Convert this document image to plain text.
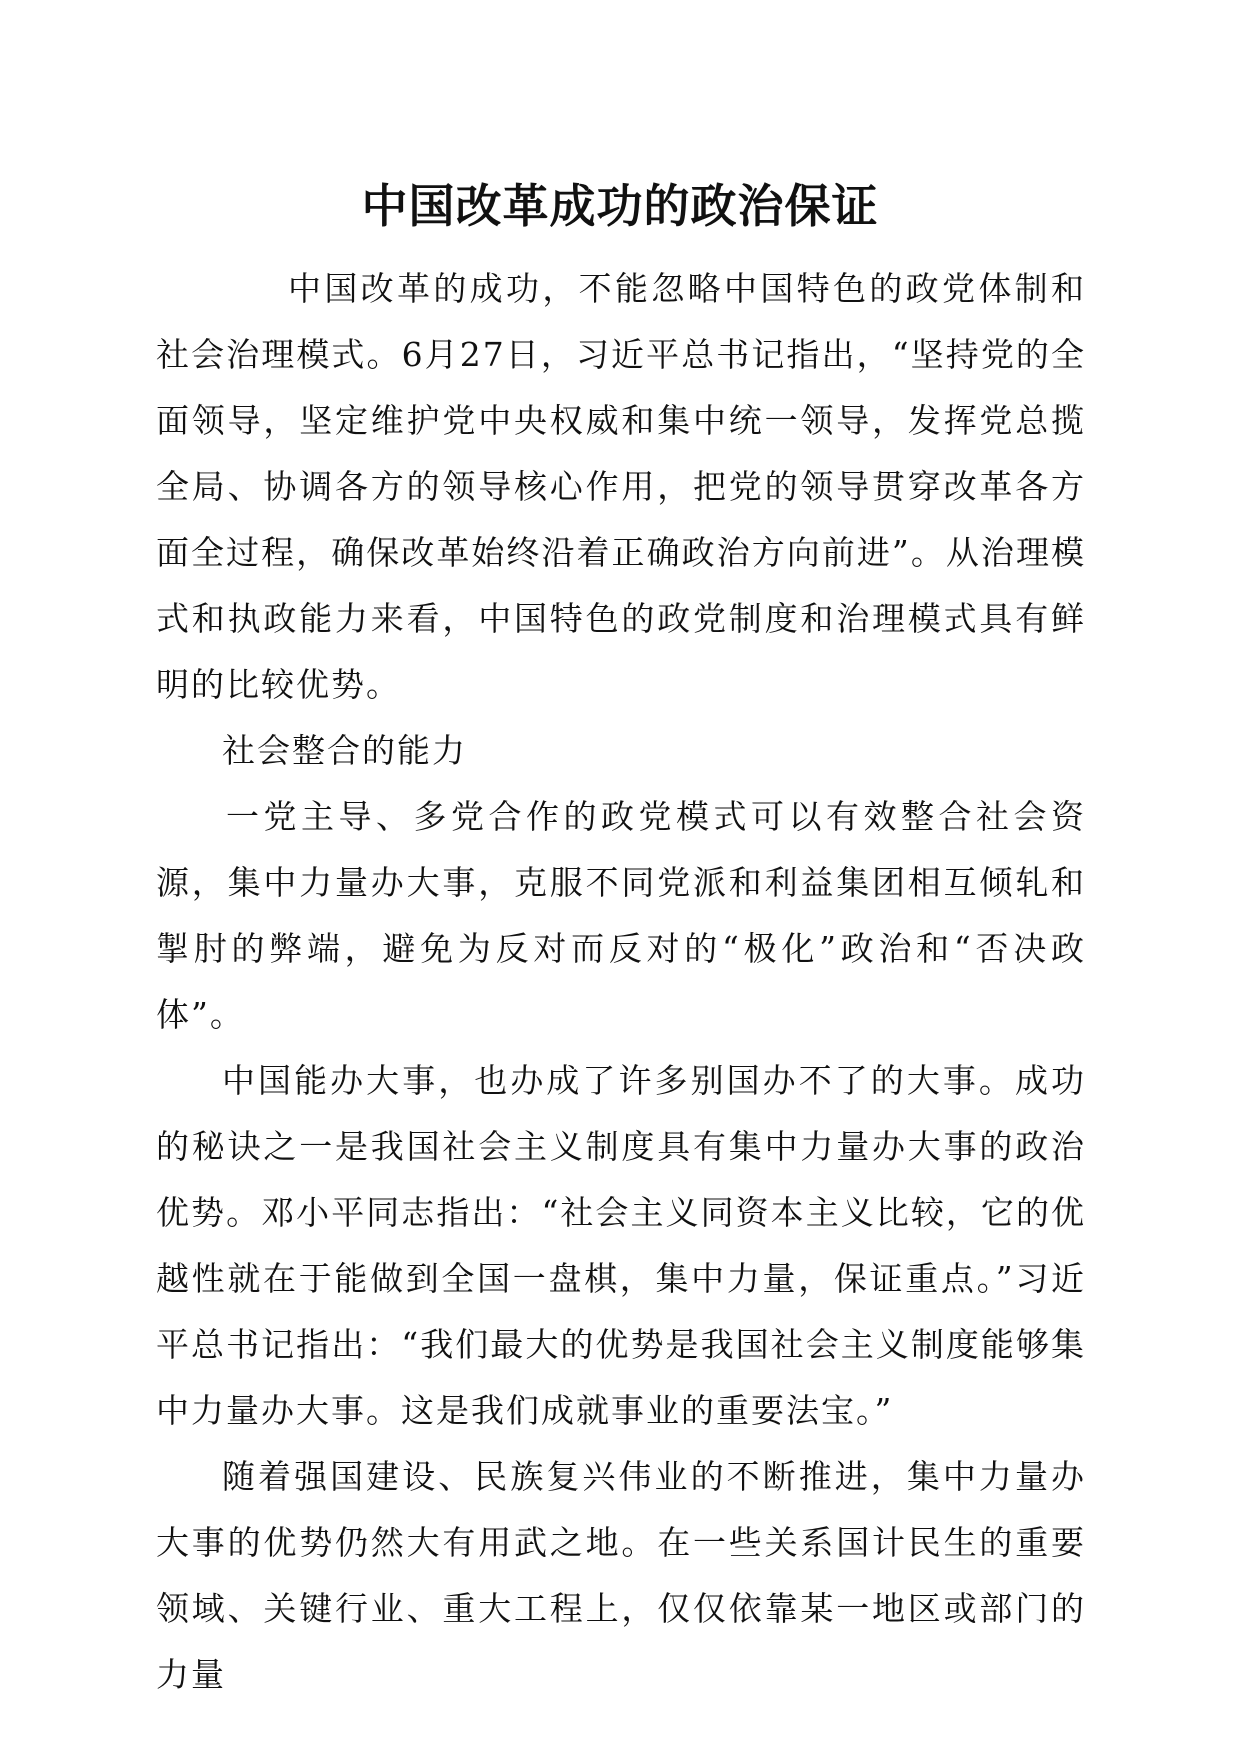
中国改革成功的政治保证

中国改革的成功，不能忽略中国特色的政党体制和社会治理模式。6月27日，习近平总书记指出，“坚持党的全面领导，坚定维护党中央权威和集中统一领导，发挥党总揽全局、协调各方的领导核心作用，把党的领导贯穿改革各方面全过程，确保改革始终沿着正确政治方向前进”。从治理模式和执政能力来看，中国特色的政党制度和治理模式具有鲜明的比较优势。

社会整合的能力

一党主导、多党合作的政党模式可以有效整合社会资源，集中力量办大事，克服不同党派和利益集团相互倾轧和掣肘的弊端，避免为反对而反对的“极化”政治和“否决政体”。

中国能办大事，也办成了许多别国办不了的大事。成功的秘诀之一是我国社会主义制度具有集中力量办大事的政治优势。邓小平同志指出：“社会主义同资本主义比较，它的优越性就在于能做到全国一盘棋，集中力量，保证重点。”习近平总书记指出：“我们最大的优势是我国社会主义制度能够集中力量办大事。这是我们成就事业的重要法宝。”

随着强国建设、民族复兴伟业的不断推进，集中力量办大事的优势仍然大有用武之地。在一些关系国计民生的重要领域、关键行业、重大工程上，仅仅依靠某一地区或部门的力量
